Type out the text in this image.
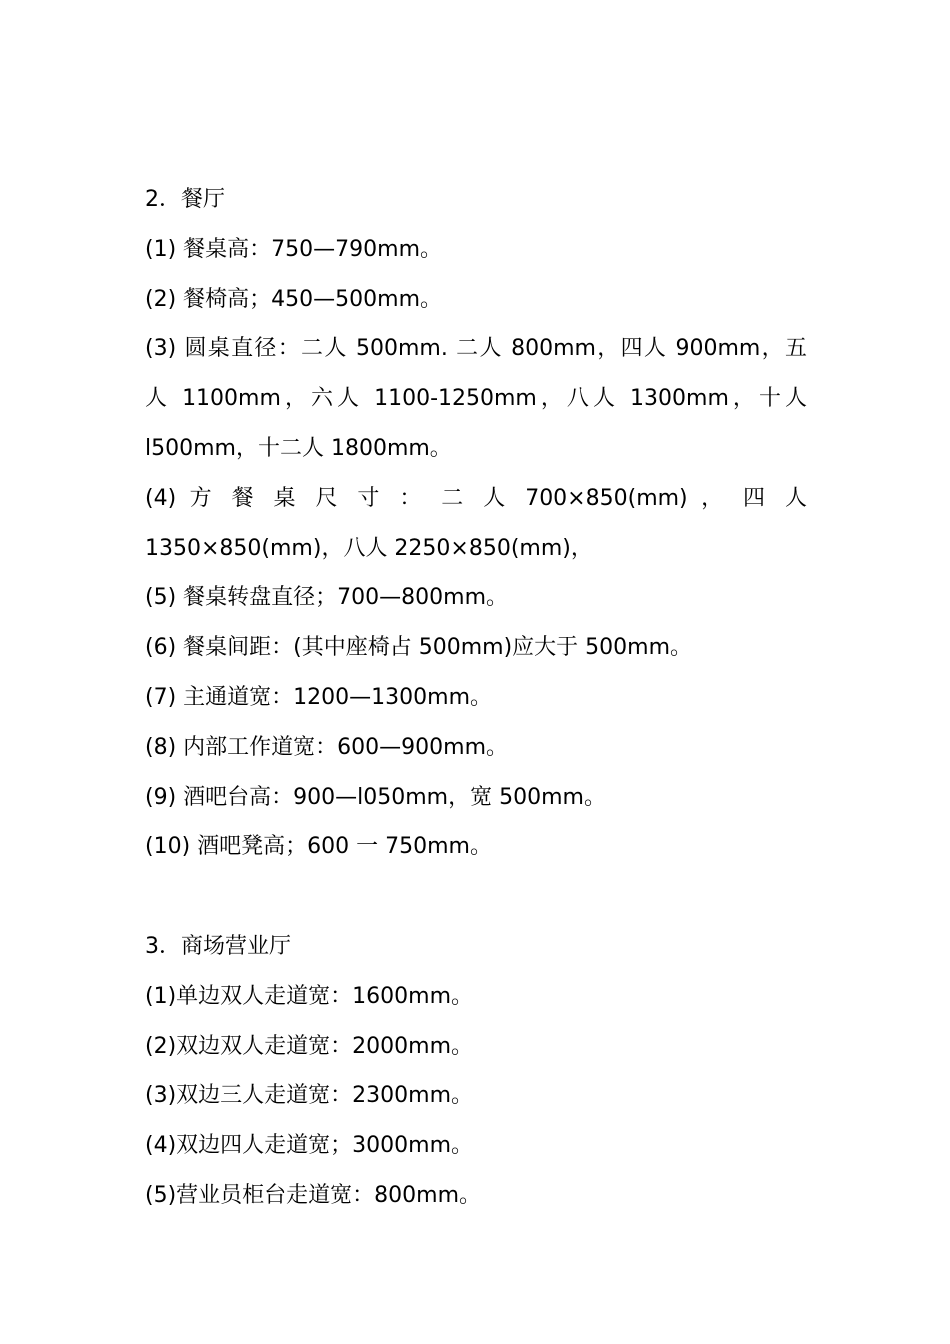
2．餐厅
(1) 餐桌高：750—790mm。
(2) 餐椅高；450—500mm。
(3) 圆桌直径：二人 500mm. 二人 800mm，四人 900mm，五
人 1100mm，六人 1100-1250mm，八人 1300mm，十人
l500mm，十二人 1800mm。
(4) 方 餐 桌 尺 寸 ： 二 人 700×850(mm) ， 四 人
1350×850(mm)，八人 2250×850(mm)，
(5) 餐桌转盘直径；700—800mm。
(6) 餐桌间距：(其中座椅占 500mm)应大于 500mm。
(7) 主通道宽：1200—1300mm。
(8) 内部工作道宽：600—900mm。
(9) 酒吧台高：900—l050mm，宽 500mm。
(10) 酒吧凳高；600 一 750mm。
3．商场营业厅
(1)单边双人走道宽：1600mm。
(2)双边双人走道宽：2000mm。
(3)双边三人走道宽：2300mm。
(4)双边四人走道宽；3000mm。
(5)营业员柜台走道宽：800mm。
